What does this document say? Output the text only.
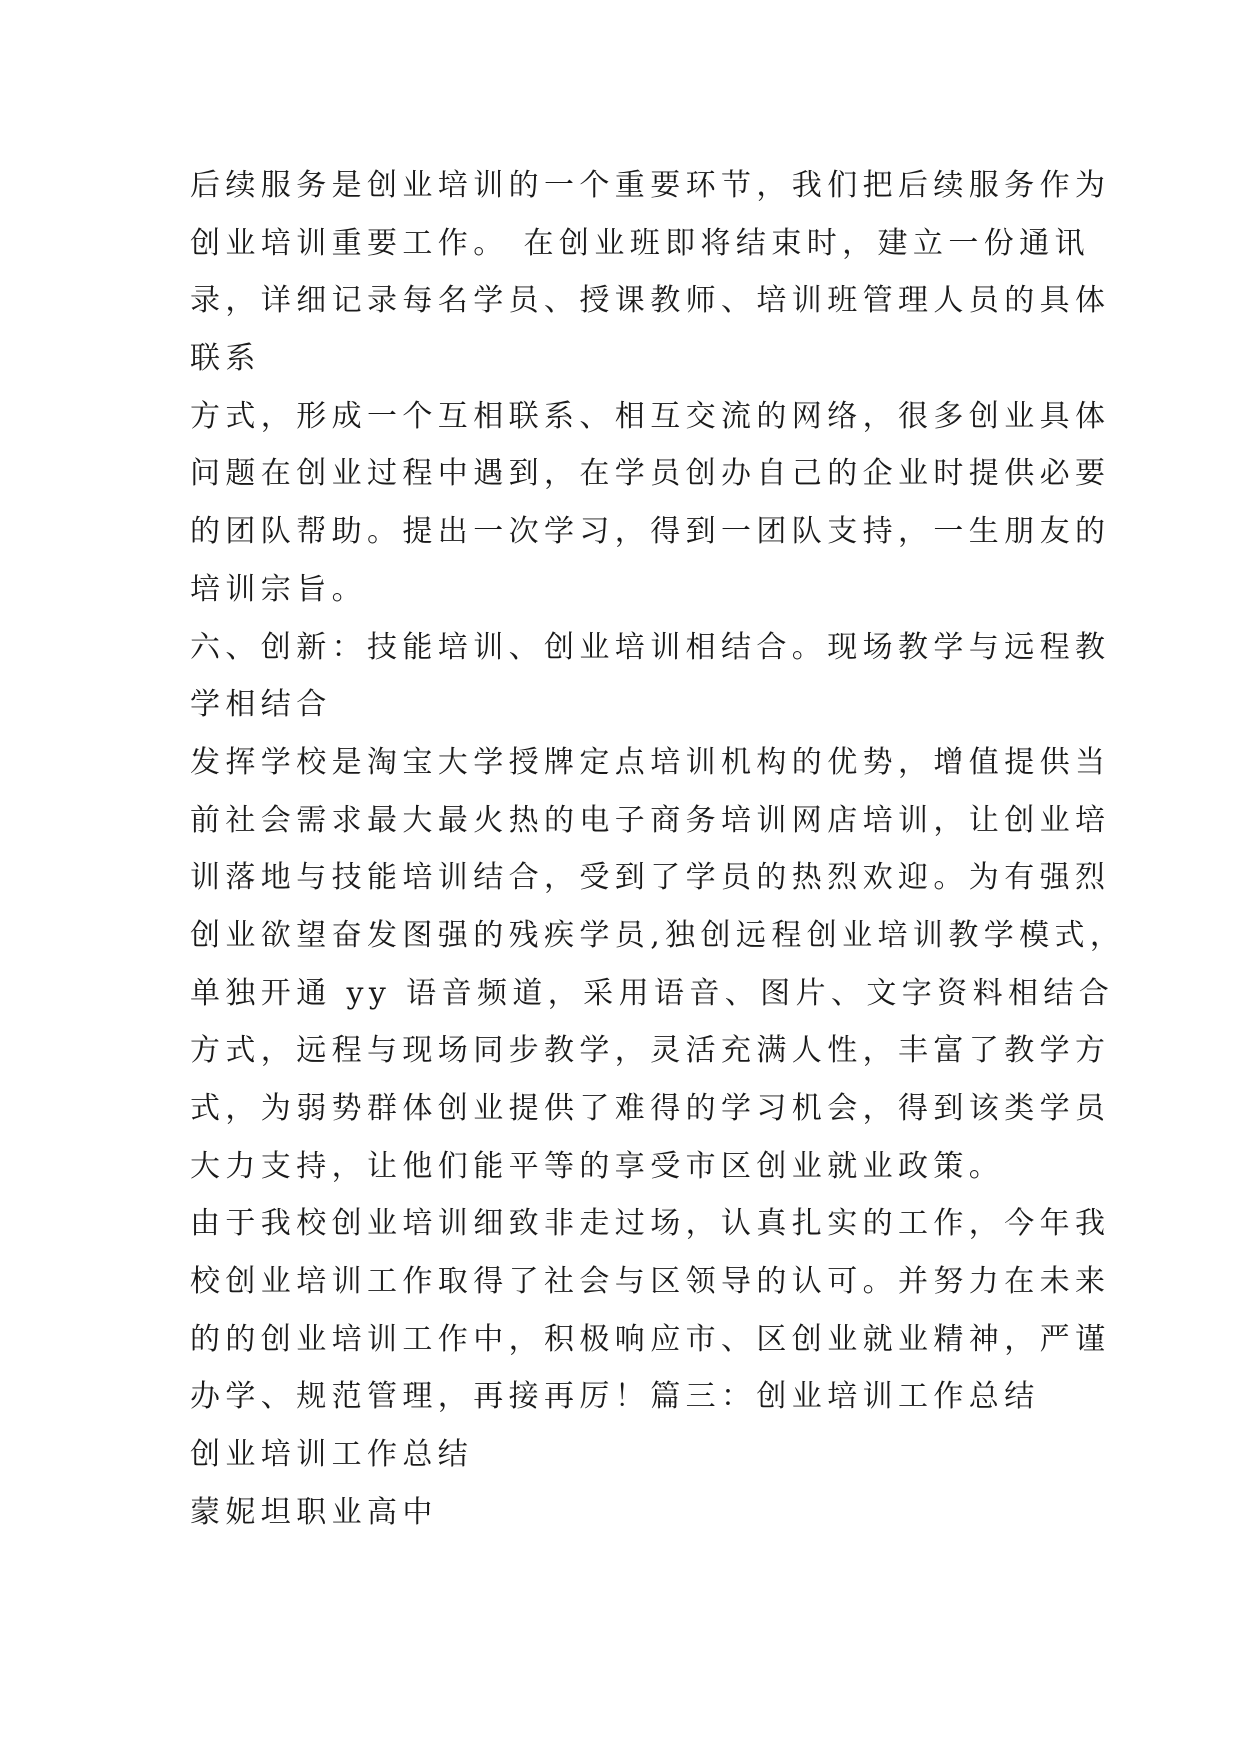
后续服务是创业培训的一个重要环节，我们把后续服务作为
创业培训重要工作。 在创业班即将结束时，建立一份通讯
录，详细记录每名学员、授课教师、培训班管理人员的具体
联系
方式，形成一个互相联系、相互交流的网络，很多创业具体
问题在创业过程中遇到，在学员创办自己的企业时提供必要
的团队帮助。提出一次学习，得到一团队支持，一生朋友的
培训宗旨。
六、创新：技能培训、创业培训相结合。现场教学与远程教
学相结合
发挥学校是淘宝大学授牌定点培训机构的优势，增值提供当
前社会需求最大最火热的电子商务培训网店培训，让创业培
训落地与技能培训结合，受到了学员的热烈欢迎。为有强烈
创业欲望奋发图强的残疾学员,独创远程创业培训教学模式，
单独开通 yy 语音频道，采用语音、图片、文字资料相结合
方式，远程与现场同步教学，灵活充满人性，丰富了教学方
式，为弱势群体创业提供了难得的学习机会，得到该类学员
大力支持，让他们能平等的享受市区创业就业政策。
由于我校创业培训细致非走过场，认真扎实的工作，今年我
校创业培训工作取得了社会与区领导的认可。并努力在未来
的的创业培训工作中，积极响应市、区创业就业精神，严谨
办学、规范管理，再接再厉！篇三：创业培训工作总结
创业培训工作总结
蒙妮坦职业高中
